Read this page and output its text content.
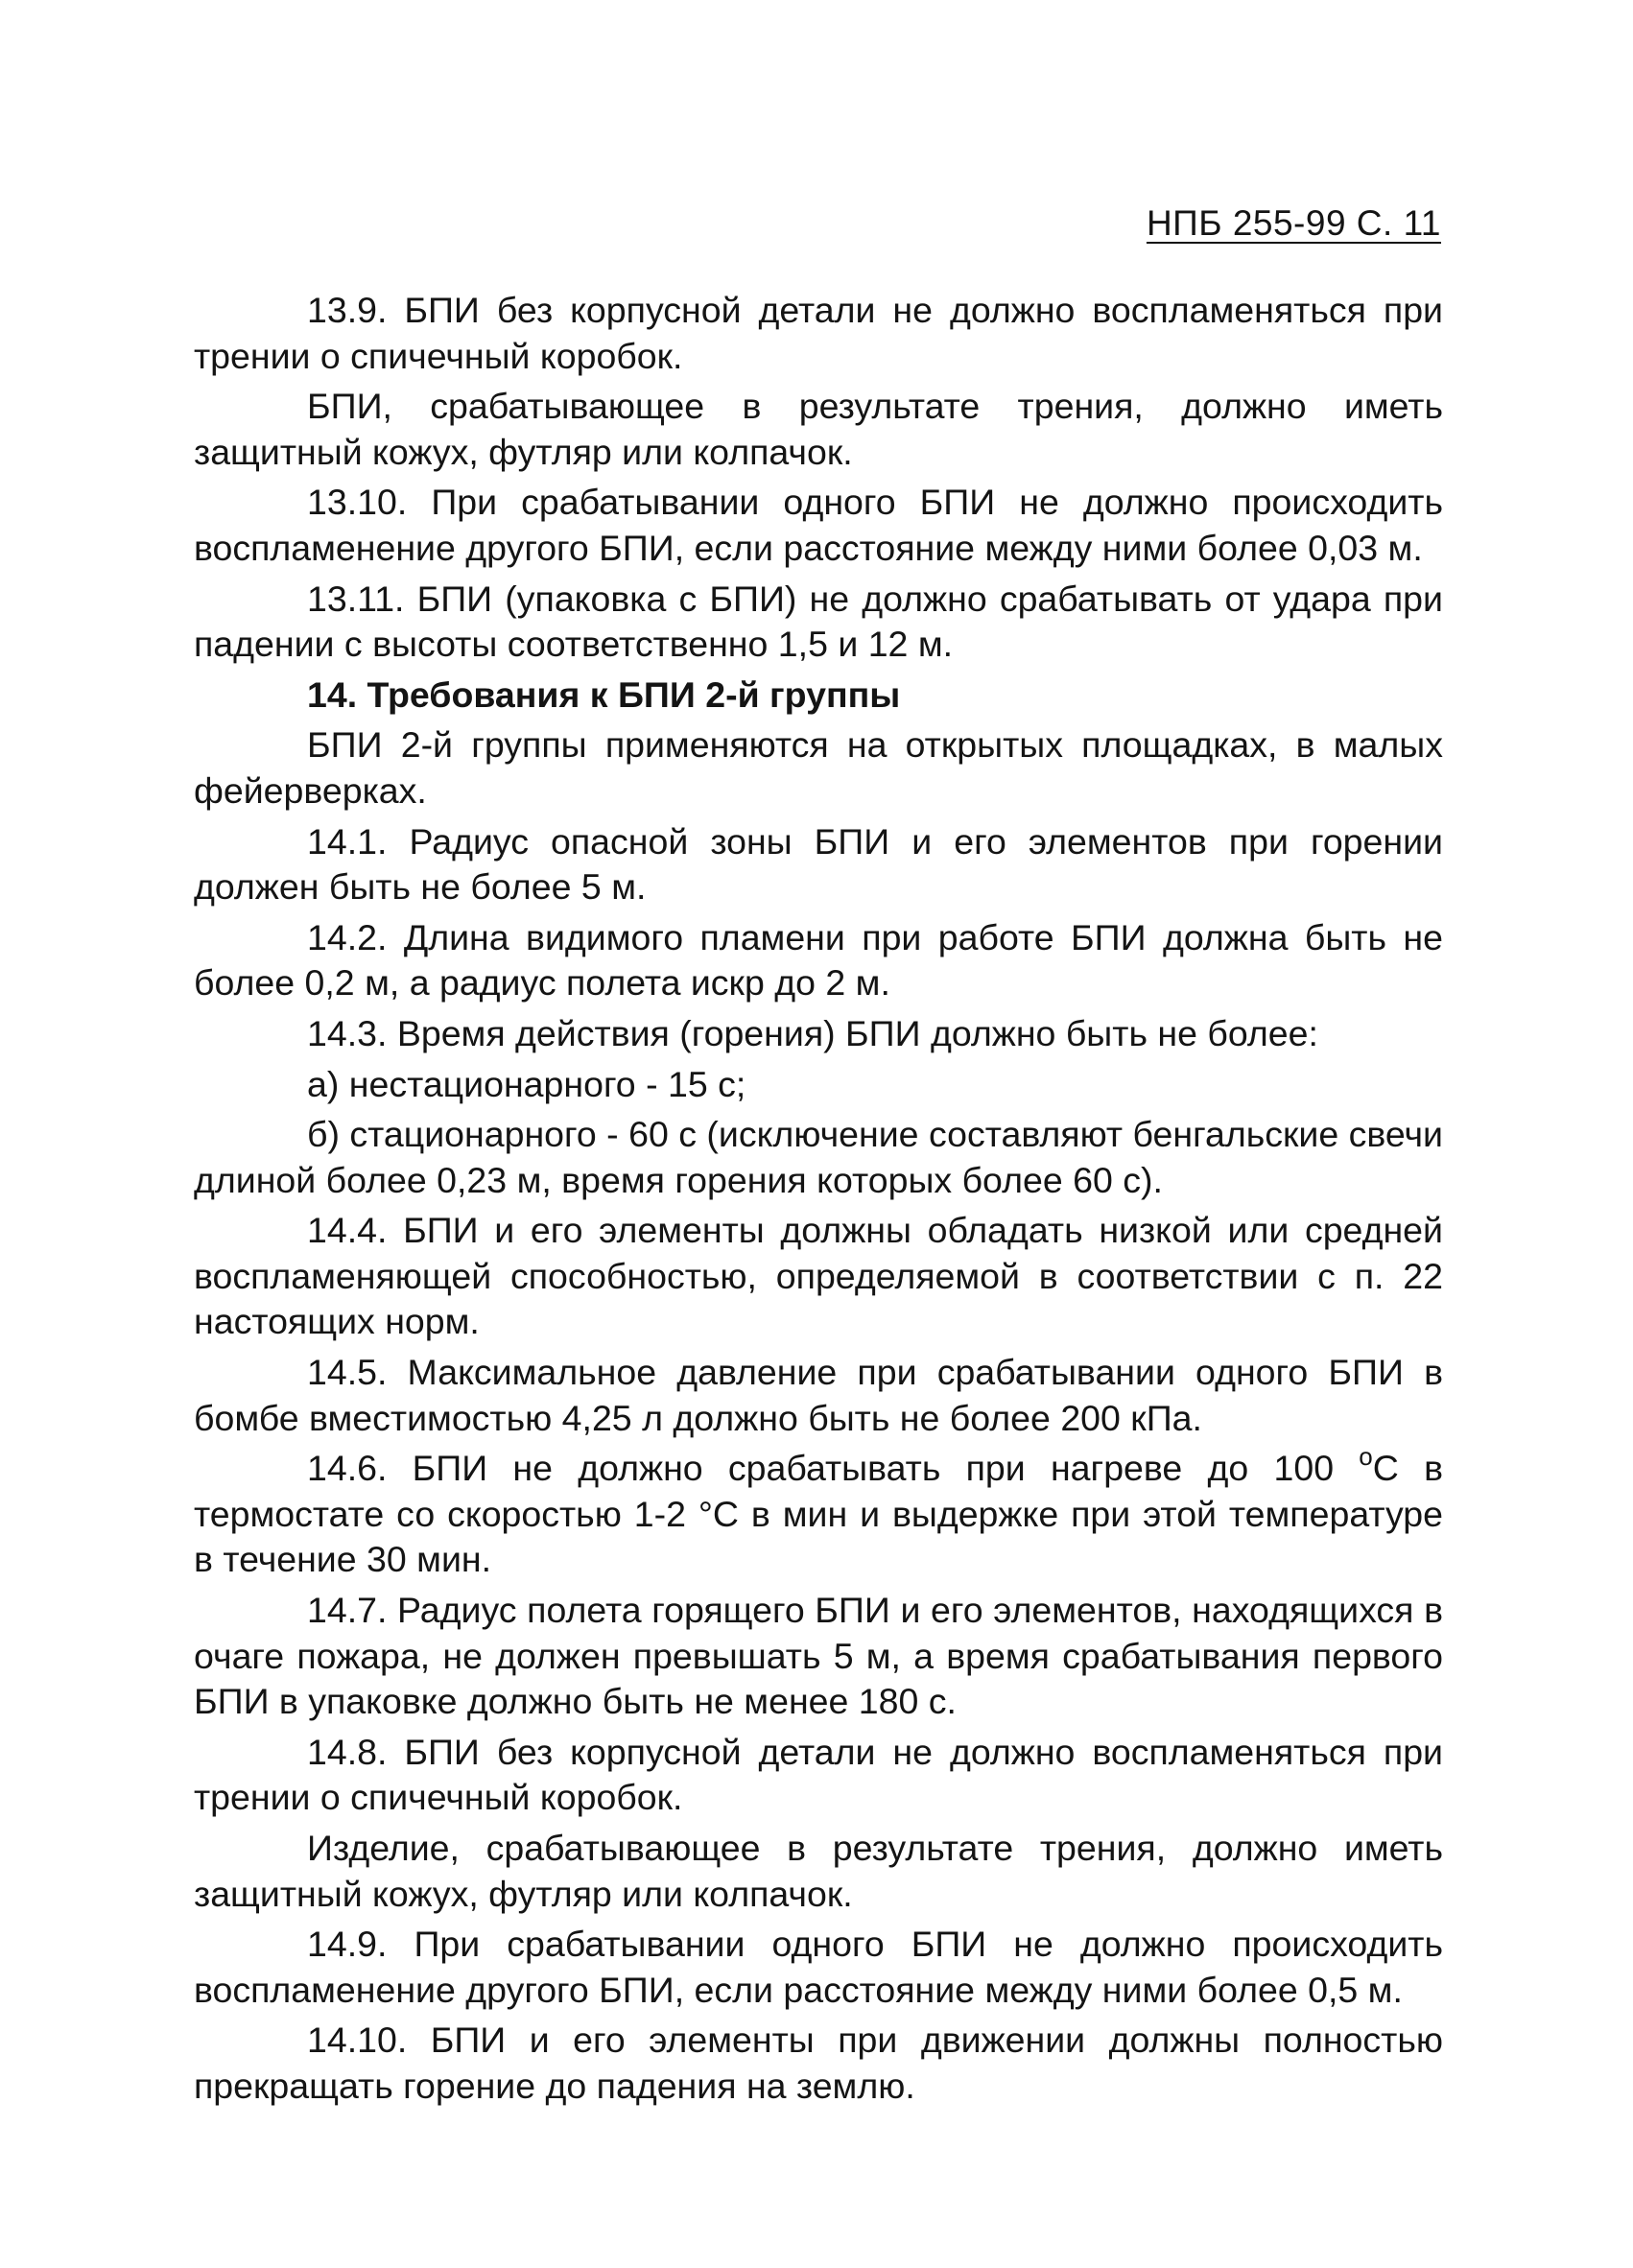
НПБ 255-99 С. 11

13.9. БПИ без корпусной детали не должно воспламеняться при трении о спичечный коробок.

БПИ, срабатывающее в результате трения, должно иметь защитный кожух, футляр или колпачок.

13.10. При срабатывании одного БПИ не должно происходить воспламенение другого БПИ, если расстояние между ними более 0,03 м.

13.11. БПИ (упаковка с БПИ) не должно срабатывать от удара при падении с высоты соответственно 1,5 и 12 м.

14. Требования к БПИ 2-й группы

БПИ 2-й группы применяются на открытых площадках, в малых фейерверках.

14.1. Радиус опасной зоны БПИ и его элементов при горении должен быть не более 5 м.

14.2. Длина видимого пламени при работе БПИ должна быть не более 0,2 м, а радиус полета искр до 2 м.

14.3. Время действия (горения) БПИ должно быть не более:

а) нестационарного - 15 с;

б) стационарного - 60 с (исключение составляют бенгальские свечи длиной более 0,23 м, время горения которых более 60 с).

14.4. БПИ и его элементы должны обладать низкой или средней воспламеняющей способностью, определяемой в соответствии с п. 22 настоящих норм.

14.5. Максимальное давление при срабатывании одного БПИ в бомбе вместимостью 4,25 л должно быть не более 200 кПа.

14.6. БПИ не должно срабатывать при нагреве до 100 $^о$С в термостате со скоростью 1-2 °С в мин и выдержке при этой температуре в течение 30 мин.

14.7. Радиус полета горящего БПИ и его элементов, находящихся в очаге пожара, не должен превышать 5 м, а время срабатывания первого БПИ в упаковке должно быть не менее 180 с.

14.8. БПИ без корпусной детали не должно воспламеняться при трении о спичечный коробок.

Изделие, срабатывающее в результате трения, должно иметь защитный кожух, футляр или колпачок.

14.9. При срабатывании одного БПИ не должно происходить воспламенение другого БПИ, если расстояние между ними более 0,5 м.

14.10. БПИ и его элементы при движении должны полностью прекращать горение до падения на землю.
